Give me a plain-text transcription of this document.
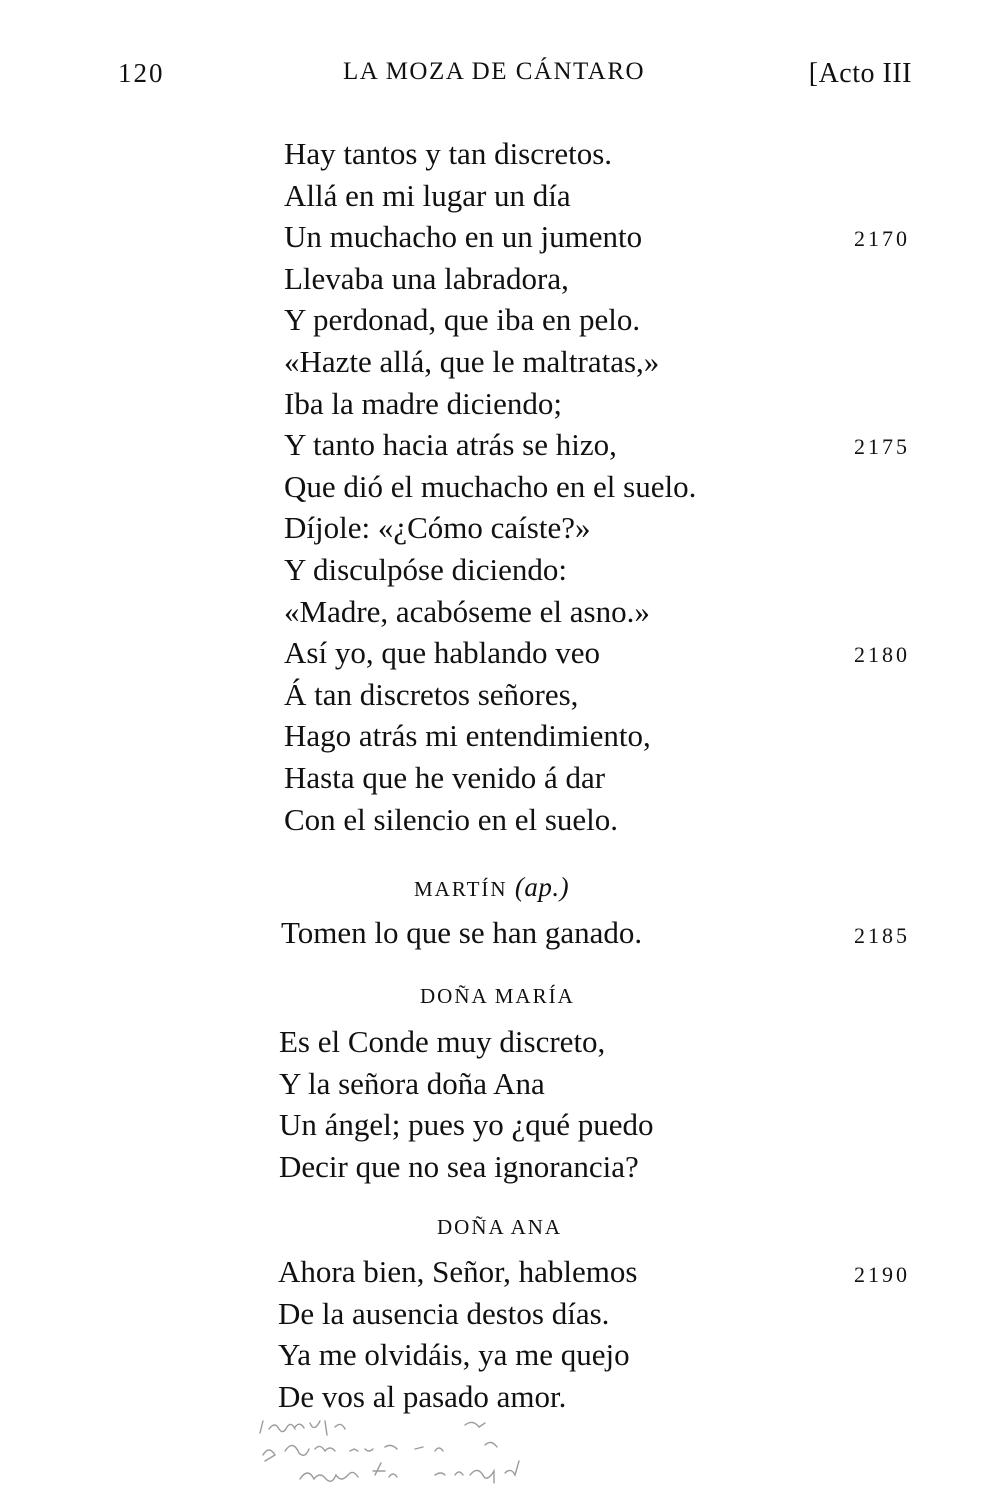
120	LA MOZA DE CÁNTARO	[Acto III
Hay tantos y tan discretos.
Allá en mi lugar un día
Un muchacho en un jumento
Llevaba una labradora,
Y perdonad, que iba en pelo.
«Hazte allá, que le maltratas,»
Iba la madre diciendo;
Y tanto hacia atrás se hizo,
Que dió el muchacho en el suelo.
Díjole: «¿Cómo caíste?»
Y disculpóse diciendo:
«Madre, acabóseme el asno.»
Así yo, que hablando veo
Á tan discretos señores,
Hago atrás mi entendimiento,
Hasta que he venido á dar
Con el silencio en el suelo.
2170
2175
2180
2185
2190
MARTÍN (ap.)
Tomen lo que se han ganado.
DOÑA MARÍA
Es el Conde muy discreto,
Y la señora doña Ana
Un ángel; pues yo ¿qué puedo
Decir que no sea ignorancia?
DOÑA ANA
Ahora bien, Señor, hablemos
De la ausencia destos días.
Ya me olvidáis, ya me quejo
De vos al pasado amor.
